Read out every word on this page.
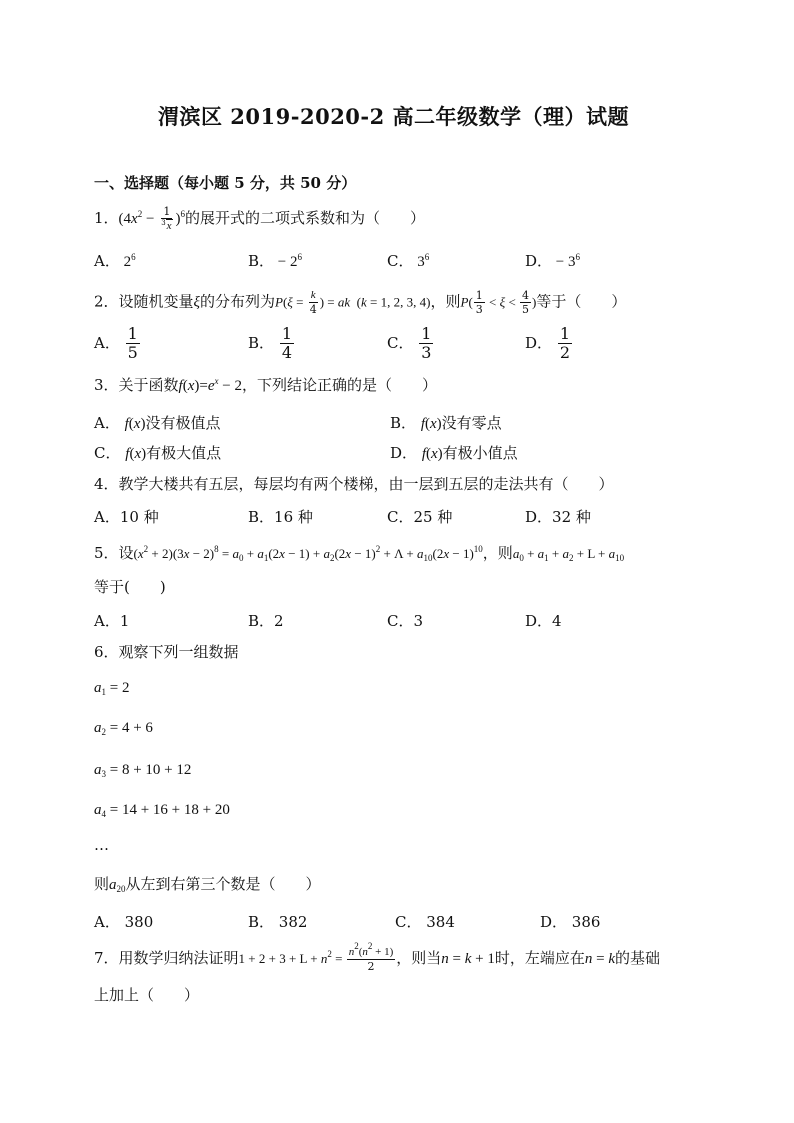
渭滨区 2019-2020-2 高二年级数学（理）试题
一、选择题（每小题 5 分，共 50 分）
1．$(4x^2 - \frac{1}{^3x} )^6$的展开式的二项式系数和为（　　）
A． $2^6$	B． − $2^6$	C． $3^6$	D． − $3^6$
2．设随机变量ξ的分布列为$P(\xi = \frac{k}{4}$ ) = ak  (k = 1, 2, 3, 4)，则$P( \frac{1}{3} < \xi < \frac{4}{5}$ )等于（　　）
A． $\frac{1}{5}$	B． $\frac{1}{4}$	C． $\frac{1}{3}$	D． $\frac{1}{2}$
3．关于函数$f(x)=e^x - 2$，下列结论正确的是（　　）
A． f(x)没有极值点	B． f(x)没有零点
C． f(x)有极大值点	D． f(x)有极小值点
4．教学大楼共有五层，每层均有两个楼梯，由一层到五层的走法共有（　　）
A．10 种	B．16 种	C．25 种	D．32 种
5．设$(x^2 + 2)(3x - 2)^8 = a_0 + a_1(2x - 1) + a_2(2x - 1)^2 + \Lambda + a_{10}(2x - 1)^{10}$，则$a_0 + a_1 + a_2 + L + a_{10}$
等于(　　)
A．1	B．2	C．3	D．4
6．观察下列一组数据
$a_1 = 2$
$a_2 = 4 + 6$
$a_3 = 8 + 10 + 12$
$a_4 = 14 + 16 + 18 + 20$
…
则$a_{20}$从左到右第三个数是（　　）
A． 380	B． 382	C． 384	D． 386
7．用数学归纳法证明$1 + 2 + 3 + L + n^2 = \frac{n^2(n^2 + 1)}{2}$ ，则当n = k + 1时，左端应在n = k的基础
上加上（　　）
